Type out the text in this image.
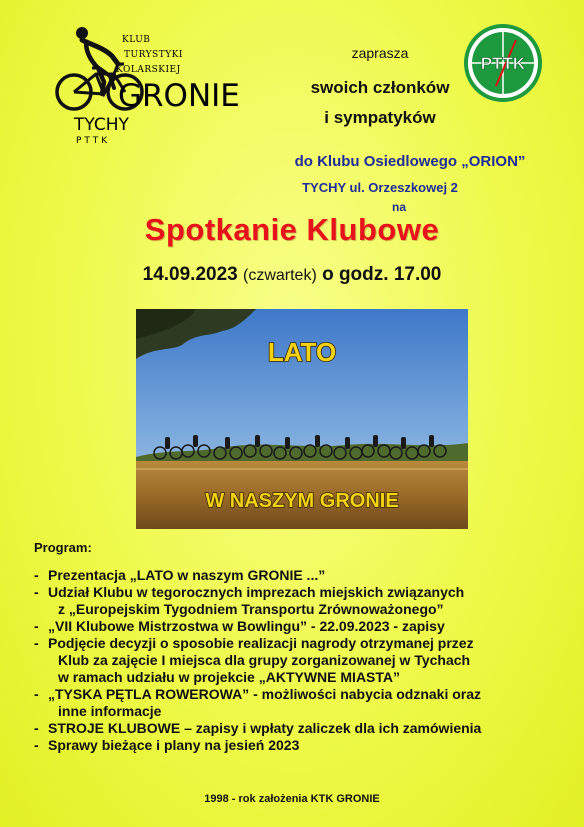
KLUB
TURYSTYKI
KOLARSKIEJ
GRONIE
TYCHY
PTTK
PTTK
zaprasza
swoich członków
i sympatyków
do Klubu Osiedlowego „ORION”
TYCHY ul. Orzeszkowej 2
na
Spotkanie Klubowe
14.09.2023 (czwartek) o godz. 17.00
LATO
W NASZYM GRONIE
Program:
- Prezentacja „LATO w naszym GRONIE ...”
- Udział Klubu w tegorocznych imprezach miejskich związanych
z „Europejskim Tygodniem Transportu Zrównoważonego”
- „VII Klubowe Mistrzostwa w Bowlingu” - 22.09.2023 - zapisy
- Podjęcie decyzji o sposobie realizacji nagrody otrzymanej przez
Klub za zajęcie I miejsca dla grupy zorganizowanej w Tychach
w ramach udziału w projekcie „AKTYWNE MIASTA”
- „TYSKA PĘTLA ROWEROWA” - możliwości nabycia odznaki oraz
inne informacje
- STROJE KLUBOWE – zapisy i wpłaty zaliczek dla ich zamówienia
- Sprawy bieżące i plany na jesień 2023
1998 - rok założenia KTK GRONIE
